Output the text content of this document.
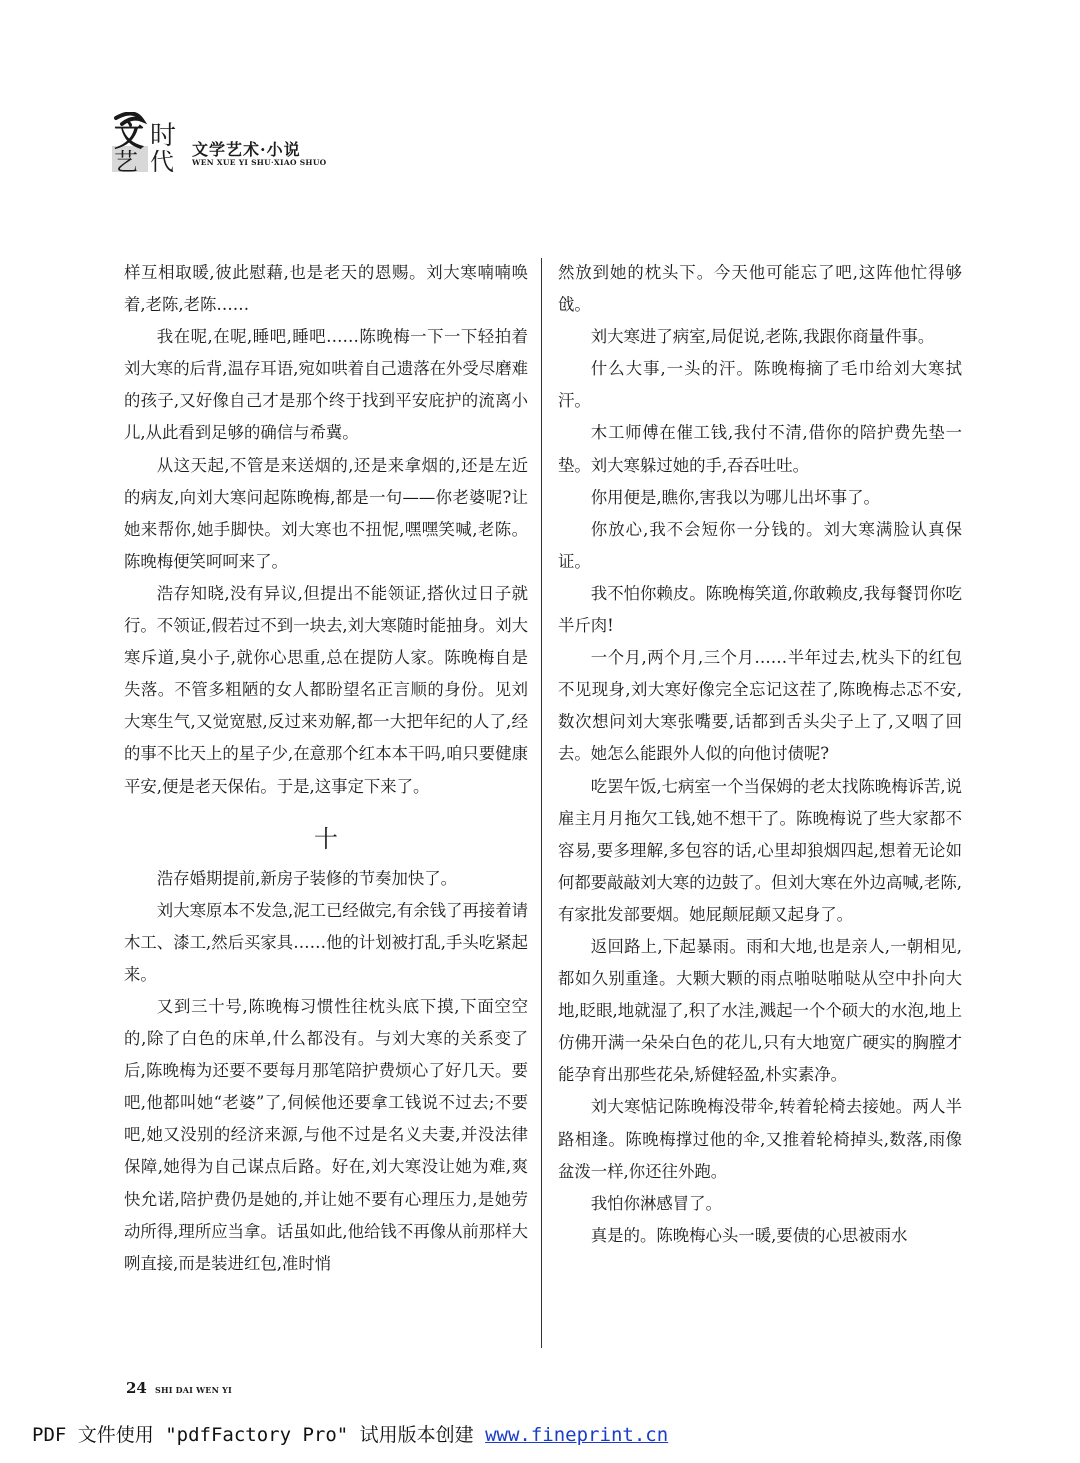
文 时
艺 代 文学艺术·小说
WEN XUE YI SHU·XIAO SHUO

样互相取暖,彼此慰藉,也是老天的恩赐。刘大寒喃喃唤着,老陈,老陈……

我在呢,在呢,睡吧,睡吧……陈晚梅一下一下轻拍着刘大寒的后背,温存耳语,宛如哄着自己遗落在外受尽磨难的孩子,又好像自己才是那个终于找到平安庇护的流离小儿,从此看到足够的确信与希冀。

从这天起,不管是来送烟的,还是来拿烟的,还是左近的病友,向刘大寒问起陈晚梅,都是一句——你老婆呢?让她来帮你,她手脚快。刘大寒也不扭怩,嘿嘿笑喊,老陈。陈晚梅便笑呵呵来了。

浩存知晓,没有异议,但提出不能领证,搭伙过日子就行。不领证,假若过不到一块去,刘大寒随时能抽身。刘大寒斥道,臭小子,就你心思重,总在提防人家。陈晚梅自是失落。不管多粗陋的女人都盼望名正言顺的身份。见刘大寒生气,又觉宽慰,反过来劝解,都一大把年纪的人了,经的事不比天上的星子少,在意那个红本本干吗,咱只要健康平安,便是老天保佑。于是,这事定下来了。

十

浩存婚期提前,新房子装修的节奏加快了。

刘大寒原本不发急,泥工已经做完,有余钱了再接着请木工、漆工,然后买家具……他的计划被打乱,手头吃紧起来。

又到三十号,陈晚梅习惯性往枕头底下摸,下面空空的,除了白色的床单,什么都没有。与刘大寒的关系变了后,陈晚梅为还要不要每月那笔陪护费烦心了好几天。要吧,他都叫她“老婆”了,伺候他还要拿工钱说不过去;不要吧,她又没别的经济来源,与他不过是名义夫妻,并没法律保障,她得为自己谋点后路。好在,刘大寒没让她为难,爽快允诺,陪护费仍是她的,并让她不要有心理压力,是她劳动所得,理所应当拿。话虽如此,他给钱不再像从前那样大咧直接,而是装进红包,准时悄

然放到她的枕头下。今天他可能忘了吧,这阵他忙得够戗。

刘大寒进了病室,局促说,老陈,我跟你商量件事。

什么大事,一头的汗。陈晚梅摘了毛巾给刘大寒拭汗。

木工师傅在催工钱,我付不清,借你的陪护费先垫一垫。刘大寒躲过她的手,吞吞吐吐。

你用便是,瞧你,害我以为哪儿出坏事了。

你放心,我不会短你一分钱的。刘大寒满脸认真保证。

我不怕你赖皮。陈晚梅笑道,你敢赖皮,我每餐罚你吃半斤肉!

一个月,两个月,三个月……半年过去,枕头下的红包不见现身,刘大寒好像完全忘记这茬了,陈晚梅忐忑不安,数次想问刘大寒张嘴要,话都到舌头尖子上了,又咽了回去。她怎么能跟外人似的向他讨债呢?

吃罢午饭,七病室一个当保姆的老太找陈晚梅诉苦,说雇主月月拖欠工钱,她不想干了。陈晚梅说了些大家都不容易,要多理解,多包容的话,心里却狼烟四起,想着无论如何都要敲敲刘大寒的边鼓了。但刘大寒在外边高喊,老陈,有家批发部要烟。她屁颠屁颠又起身了。

返回路上,下起暴雨。雨和大地,也是亲人,一朝相见,都如久别重逢。大颗大颗的雨点啪哒啪哒从空中扑向大地,眨眼,地就湿了,积了水洼,溅起一个个硕大的水泡,地上仿佛开满一朵朵白色的花儿,只有大地宽广硬实的胸膛才能孕育出那些花朵,矫健轻盈,朴实素净。

刘大寒惦记陈晚梅没带伞,转着轮椅去接她。两人半路相逢。陈晚梅撑过他的伞,又推着轮椅掉头,数落,雨像盆泼一样,你还往外跑。

我怕你淋感冒了。

真是的。陈晚梅心头一暖,要债的心思被雨水

24 SHI DAI WEN YI
PDF 文件使用 "pdfFactory Pro" 试用版本创建 www.fineprint.cn
